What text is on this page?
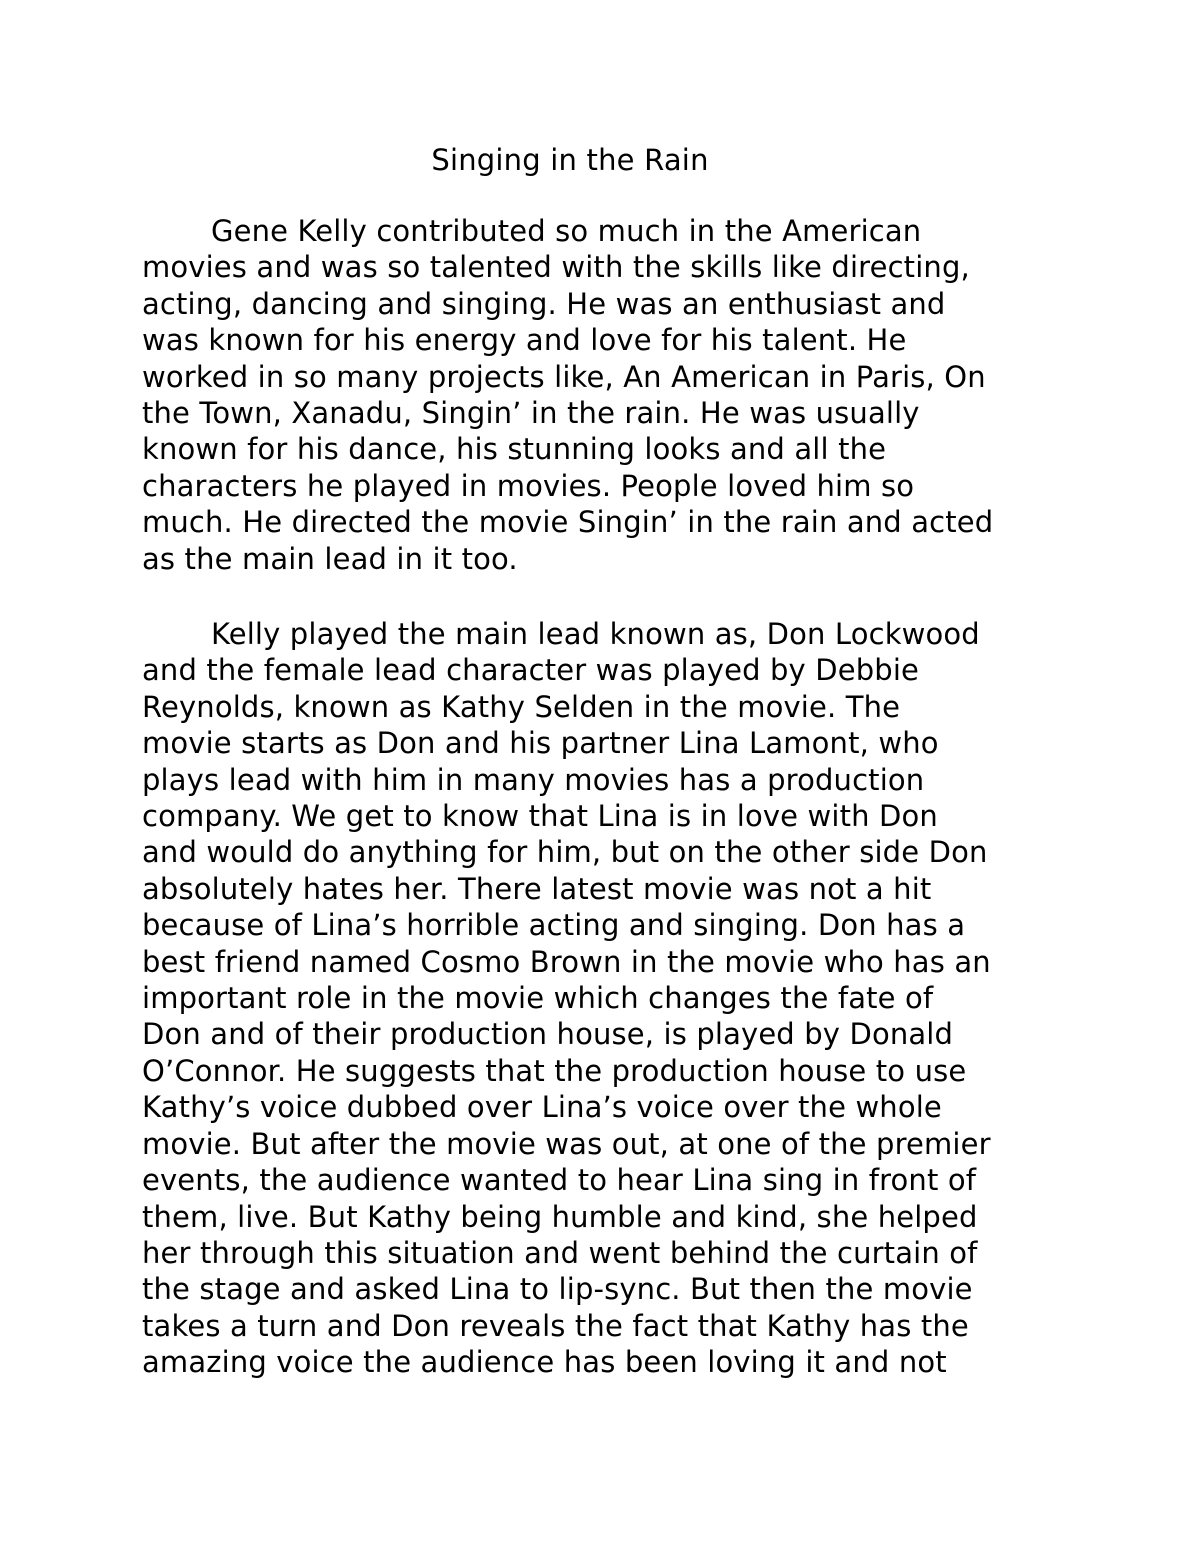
Singing in the Rain
Gene Kelly contributed so much in the American
movies and was so talented with the skills like directing,
acting, dancing and singing. He was an enthusiast and
was known for his energy and love for his talent. He
worked in so many projects like, An American in Paris, On
the Town, Xanadu, Singin’ in the rain. He was usually
known for his dance, his stunning looks and all the
characters he played in movies. People loved him so
much. He directed the movie Singin’ in the rain and acted
as the main lead in it too.
Kelly played the main lead known as, Don Lockwood
and the female lead character was played by Debbie
Reynolds, known as Kathy Selden in the movie. The
movie starts as Don and his partner Lina Lamont, who
plays lead with him in many movies has a production
company. We get to know that Lina is in love with Don
and would do anything for him, but on the other side Don
absolutely hates her. There latest movie was not a hit
because of Lina’s horrible acting and singing. Don has a
best friend named Cosmo Brown in the movie who has an
important role in the movie which changes the fate of
Don and of their production house, is played by Donald
O’Connor. He suggests that the production house to use
Kathy’s voice dubbed over Lina’s voice over the whole
movie. But after the movie was out, at one of the premier
events, the audience wanted to hear Lina sing in front of
them, live. But Kathy being humble and kind, she helped
her through this situation and went behind the curtain of
the stage and asked Lina to lip-sync. But then the movie
takes a turn and Don reveals the fact that Kathy has the
amazing voice the audience has been loving it and not
